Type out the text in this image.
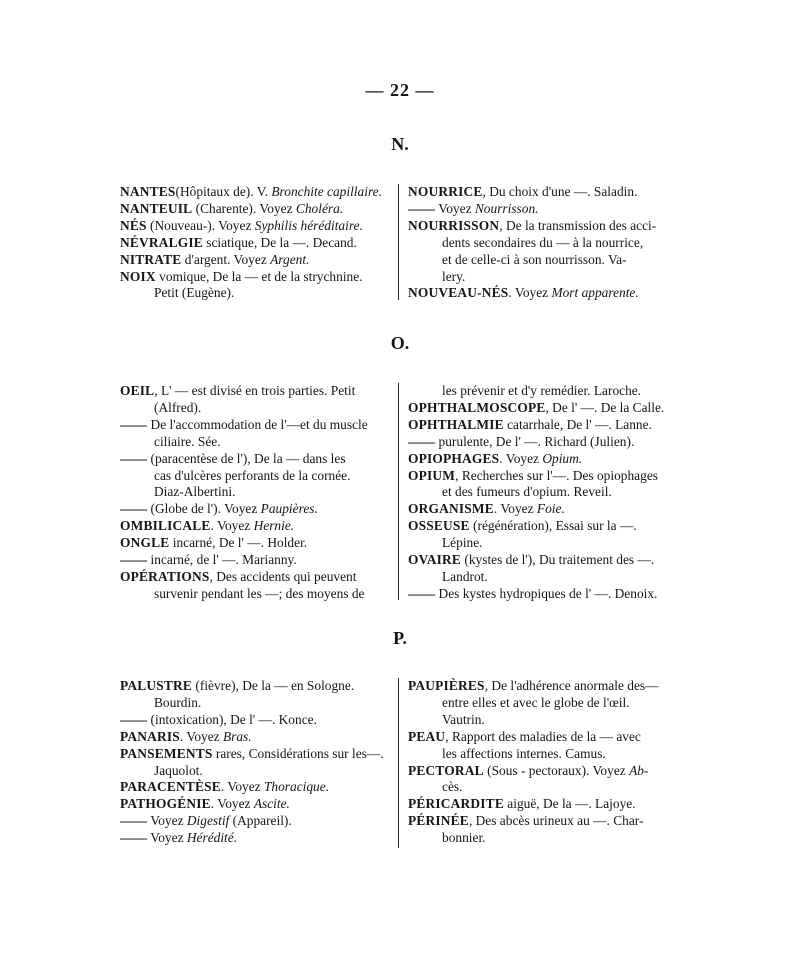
— 22 —
N.
NANTES(Hôpitaux de). V. Bronchite capillaire.
NANTEUIL (Charente). Voyez Choléra.
NÉS (Nouveau-). Voyez Syphilis héréditaire.
NÉVRALGIE sciatique, De la —. Decand.
NITRATE d'argent. Voyez Argent.
NOIX vomique, De la — et de la strychnine.
Petit (Eugène).
NOURRICE, Du choix d'une —. Saladin.
—— Voyez Nourrisson.
NOURRISSON, De la transmission des acci-
dents secondaires du — à la nourrice,
et de celle-ci à son nourrisson. Va-
lery.
NOUVEAU-NÉS. Voyez Mort apparente.
O.
OEIL, L' — est divisé en trois parties. Petit
(Alfred).
—— De l'accommodation de l'—et du muscle
ciliaire. Sée.
—— (paracentèse de l'), De la — dans les
cas d'ulcères perforants de la cornée.
Diaz-Albertini.
—— (Globe de l'). Voyez Paupières.
OMBILICALE. Voyez Hernie.
ONGLE incarné, De l' —. Holder.
—— incarné, de l' —. Marianny.
OPÉRATIONS, Des accidents qui peuvent
survenir pendant les —; des moyens de
les prévenir et d'y remédier. Laroche.
OPHTHALMOSCOPE, De l' —. De la Calle.
OPHTHALMIE catarrhale, De l' —. Lanne.
—— purulente, De l' —. Richard (Julien).
OPIOPHAGES. Voyez Opium.
OPIUM, Recherches sur l'—. Des opiophages
et des fumeurs d'opium. Reveil.
ORGANISME. Voyez Foie.
OSSEUSE (régénération), Essai sur la —.
Lépine.
OVAIRE (kystes de l'), Du traitement des —.
Landrot.
—— Des kystes hydropiques de l' —. Denoix.
P.
PALUSTRE (fièvre), De la — en Sologne.
Bourdin.
—— (intoxication), De l' —. Konce.
PANARIS. Voyez Bras.
PANSEMENTS rares, Considérations sur les—.
Jaquolot.
PARACENTÈSE. Voyez Thoracique.
PATHOGÉNIE. Voyez Ascite.
—— Voyez Digestif (Appareil).
—— Voyez Hérédité.
PAUPIÈRES, De l'adhérence anormale des—
entre elles et avec le globe de l'œil.
Vautrin.
PEAU, Rapport des maladies de la — avec
les affections internes. Camus.
PECTORAL (Sous - pectoraux). Voyez Ab-
cès.
PÉRICARDITE aiguë, De la —. Lajoye.
PÉRINÉE, Des abcès urineux au —. Char-
bonnier.
